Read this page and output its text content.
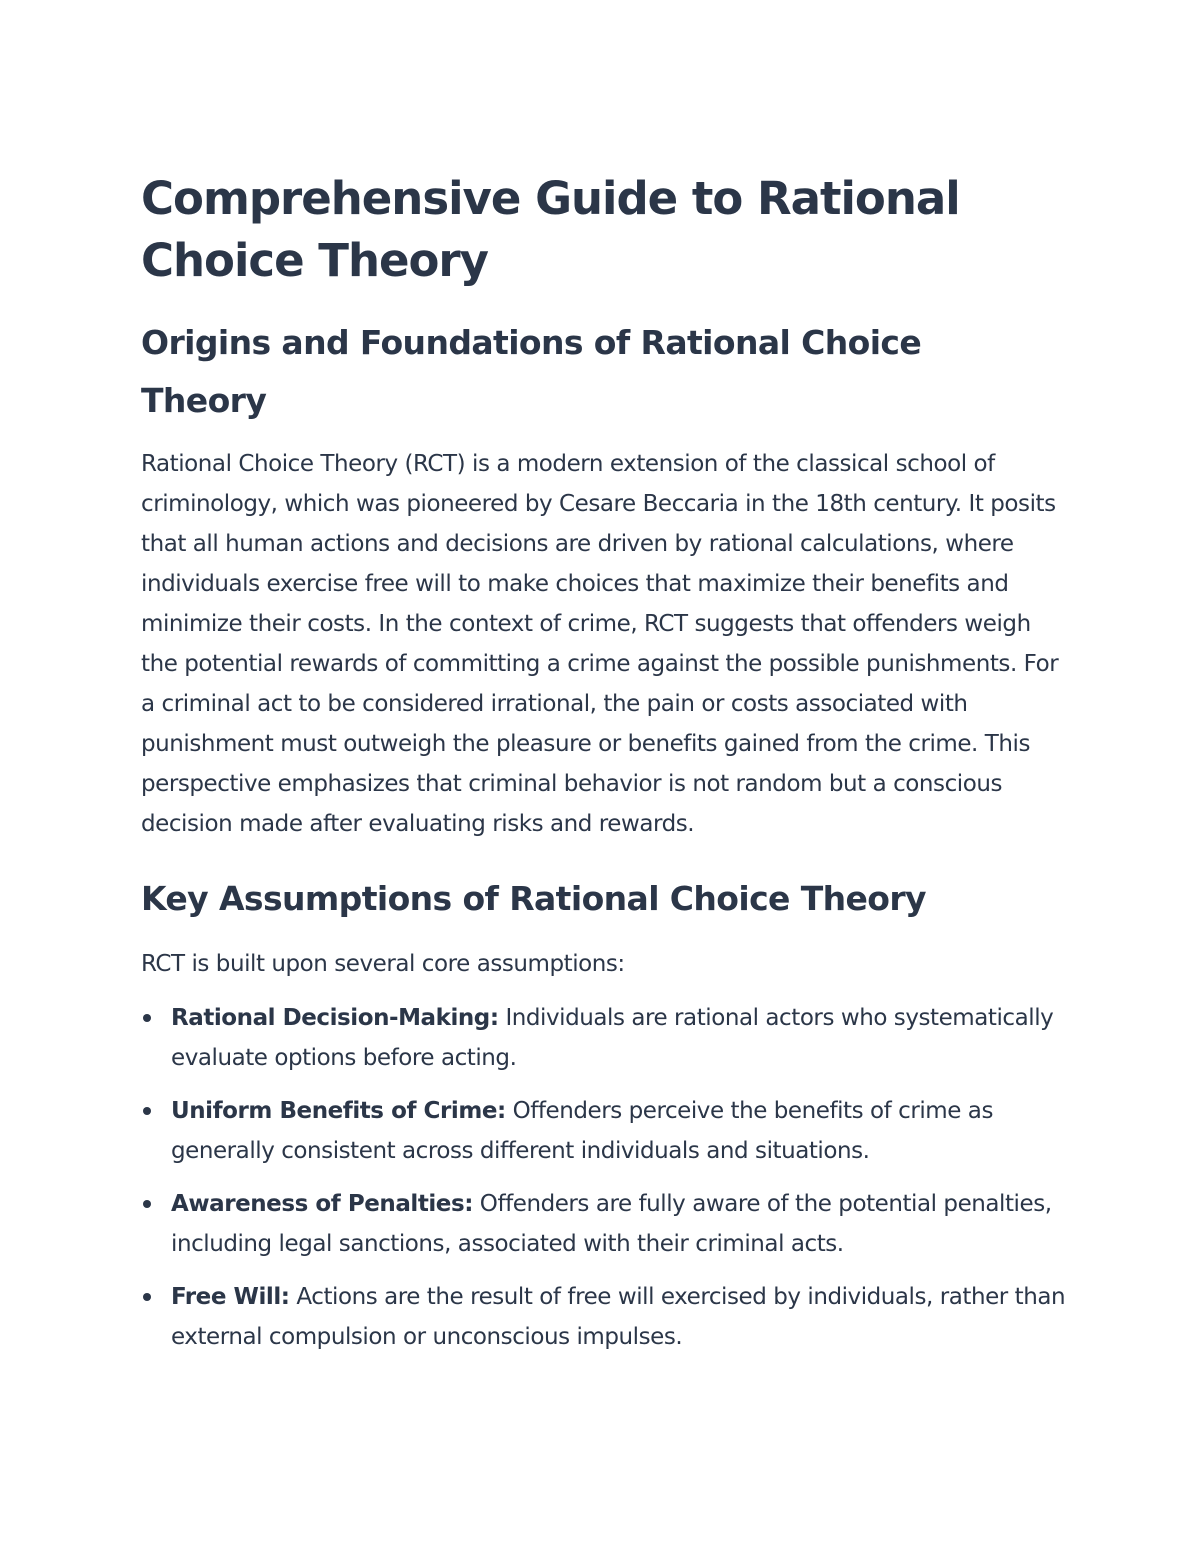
Comprehensive Guide to Rational Choice Theory
Origins and Foundations of Rational Choice Theory

Rational Choice Theory (RCT) is a modern extension of the classical school of criminology, which was pioneered by Cesare Beccaria in the 18th century. It posits that all human actions and decisions are driven by rational calculations, where individuals exercise free will to make choices that maximize their benefits and minimize their costs. In the context of crime, RCT suggests that offenders weigh the potential rewards of committing a crime against the possible punishments. For a criminal act to be considered irrational, the pain or costs associated with punishment must outweigh the pleasure or benefits gained from the crime. This perspective emphasizes that criminal behavior is not random but a conscious decision made after evaluating risks and rewards.

Key Assumptions of Rational Choice Theory

RCT is built upon several core assumptions:

Rational Decision-Making: Individuals are rational actors who systematically evaluate options before acting.
Uniform Benefits of Crime: Offenders perceive the benefits of crime as generally consistent across different individuals and situations.
Awareness of Penalties: Offenders are fully aware of the potential penalties, including legal sanctions, associated with their criminal acts.
Free Will: Actions are the result of free will exercised by individuals, rather than external compulsion or unconscious impulses.
